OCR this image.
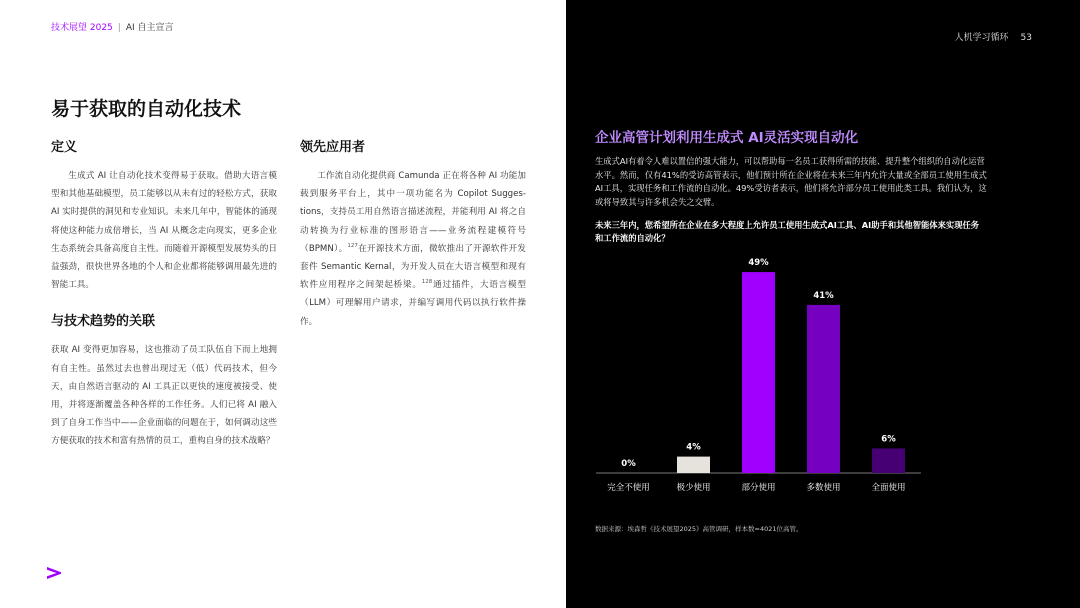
技术展望 2025 | AI 自主宣言
易于获取的自动化技术
定义

生成式 AI 让自动化技术变得易于获取。借助大语言模型和其他基础模型，员工能够以从未有过的轻松方式，获取 AI 实时提供的洞见和专业知识。未来几年中，智能体的涌现将使这种能力成倍增长，当 AI 从概念走向现实，更多企业生态系统会具备高度自主性。而随着开源模型发展势头的日益强劲，很快世界各地的个人和企业都将能够调用最先进的智能工具。

与技术趋势的关联

获取 AI 变得更加容易，这也推动了员工队伍自下而上地拥有自主性。虽然过去也曾出现过无（低）代码技术，但今天，由自然语言驱动的 AI 工具正以更快的速度被接受、使用，并将逐渐覆盖各种各样的工作任务。人们已将 AI 融入到了自身工作当中——企业面临的问题在于，如何调动这些方便获取的技术和富有热情的员工，重构自身的技术战略？

领先应用者

工作流自动化提供商 Camunda 正在将各种 AI 功能加载到服务平台上，其中一项功能名为 Copilot Suggestions，支持员工用自然语言描述流程，并能利用 AI 将之自动转换为行业标准的图形语言——业务流程建模符号（BPMN）。$^{127}$在开源技术方面，微软推出了开源软件开发套件 Semantic Kernal，为开发人员在大语言模型和现有软件应用程序之间架起桥梁。$^{128}$通过插件，大语言模型（LLM）可理解用户请求，并编写调用代码以执行软件操作。

人机学习循环 53
企业高管计划利用生成式 AI灵活实现自动化

生成式AI有着令人难以置信的强大能力，可以帮助每一名员工获得所需的技能、提升整个组织的自动化运营水平。然而，仅有41%的受访高管表示，他们预计所在企业将在未来三年内允许大量或全部员工使用生成式AI工具，实现任务和工作流的自动化。49%受访者表示，他们将允许部分员工使用此类工具。我们认为，这或将导致其与许多机会失之交臂。

未来三年内，您希望所在企业在多大程度上允许员工使用生成式AI工具、AI助手和其他智能体来实现任务和工作流的自动化？

0%
完全不使用
4%
极少使用
49%
部分使用
41%
多数使用
6%
全面使用
数据来源：埃森哲《技术展望2025》高管调研，样本数=4021位高管。
